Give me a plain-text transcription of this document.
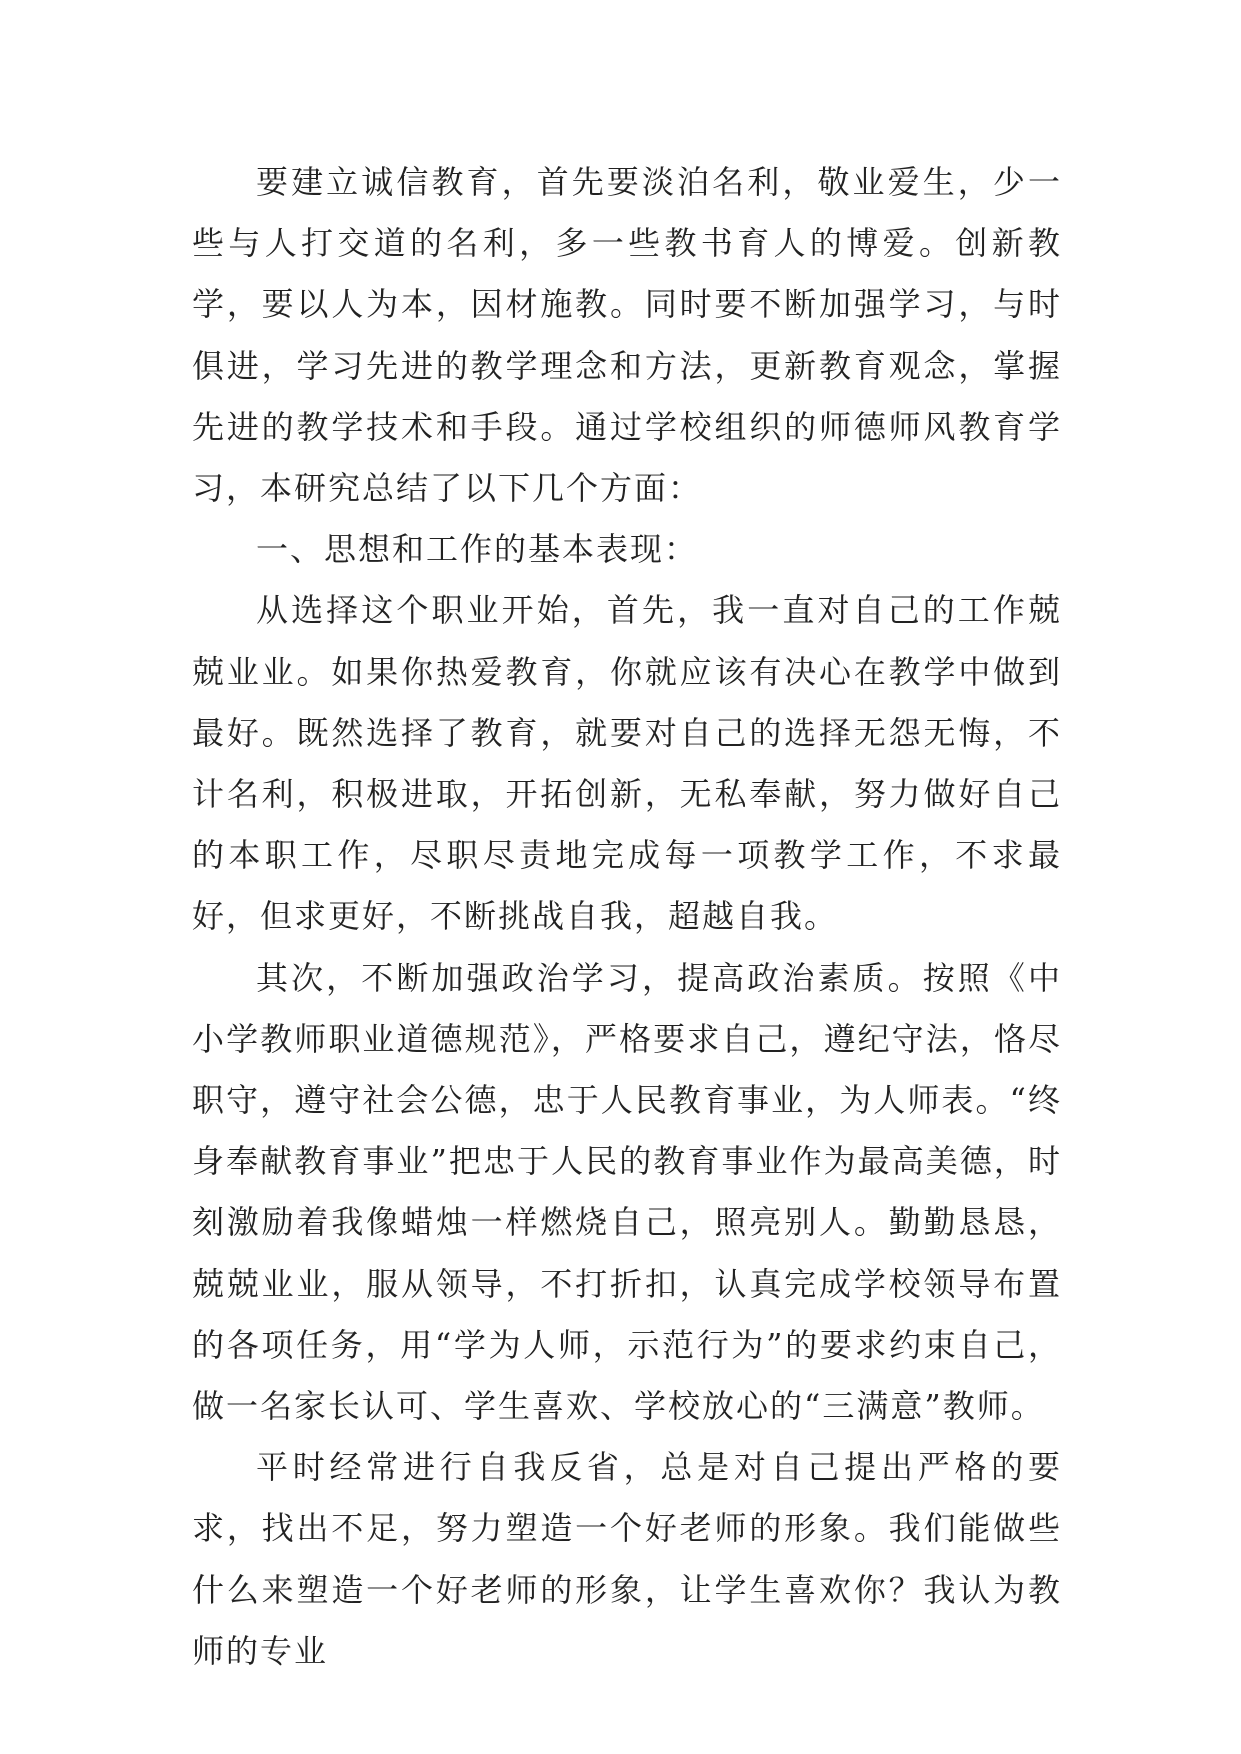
要建立诚信教育，首先要淡泊名利，敬业爱生，少一些与人打交道的名利，多一些教书育人的博爱。创新教学，要以人为本，因材施教。同时要不断加强学习，与时俱进，学习先进的教学理念和方法，更新教育观念，掌握先进的教学技术和手段。通过学校组织的师德师风教育学习，本研究总结了以下几个方面：

一、思想和工作的基本表现：

从选择这个职业开始，首先，我一直对自己的工作兢兢业业。如果你热爱教育，你就应该有决心在教学中做到最好。既然选择了教育，就要对自己的选择无怨无悔，不计名利，积极进取，开拓创新，无私奉献，努力做好自己的本职工作，尽职尽责地完成每一项教学工作，不求最好，但求更好，不断挑战自我，超越自我。

其次，不断加强政治学习，提高政治素质。按照《中小学教师职业道德规范》，严格要求自己，遵纪守法，恪尽职守，遵守社会公德，忠于人民教育事业，为人师表。“终身奉献教育事业”把忠于人民的教育事业作为最高美德，时刻激励着我像蜡烛一样燃烧自己，照亮别人。勤勤恳恳，兢兢业业，服从领导，不打折扣，认真完成学校领导布置的各项任务，用“学为人师，示范行为”的要求约束自己，做一名家长认可、学生喜欢、学校放心的“三满意”教师。

平时经常进行自我反省，总是对自己提出严格的要求，找出不足，努力塑造一个好老师的形象。我们能做些什么来塑造一个好老师的形象，让学生喜欢你？我认为教师的专业
